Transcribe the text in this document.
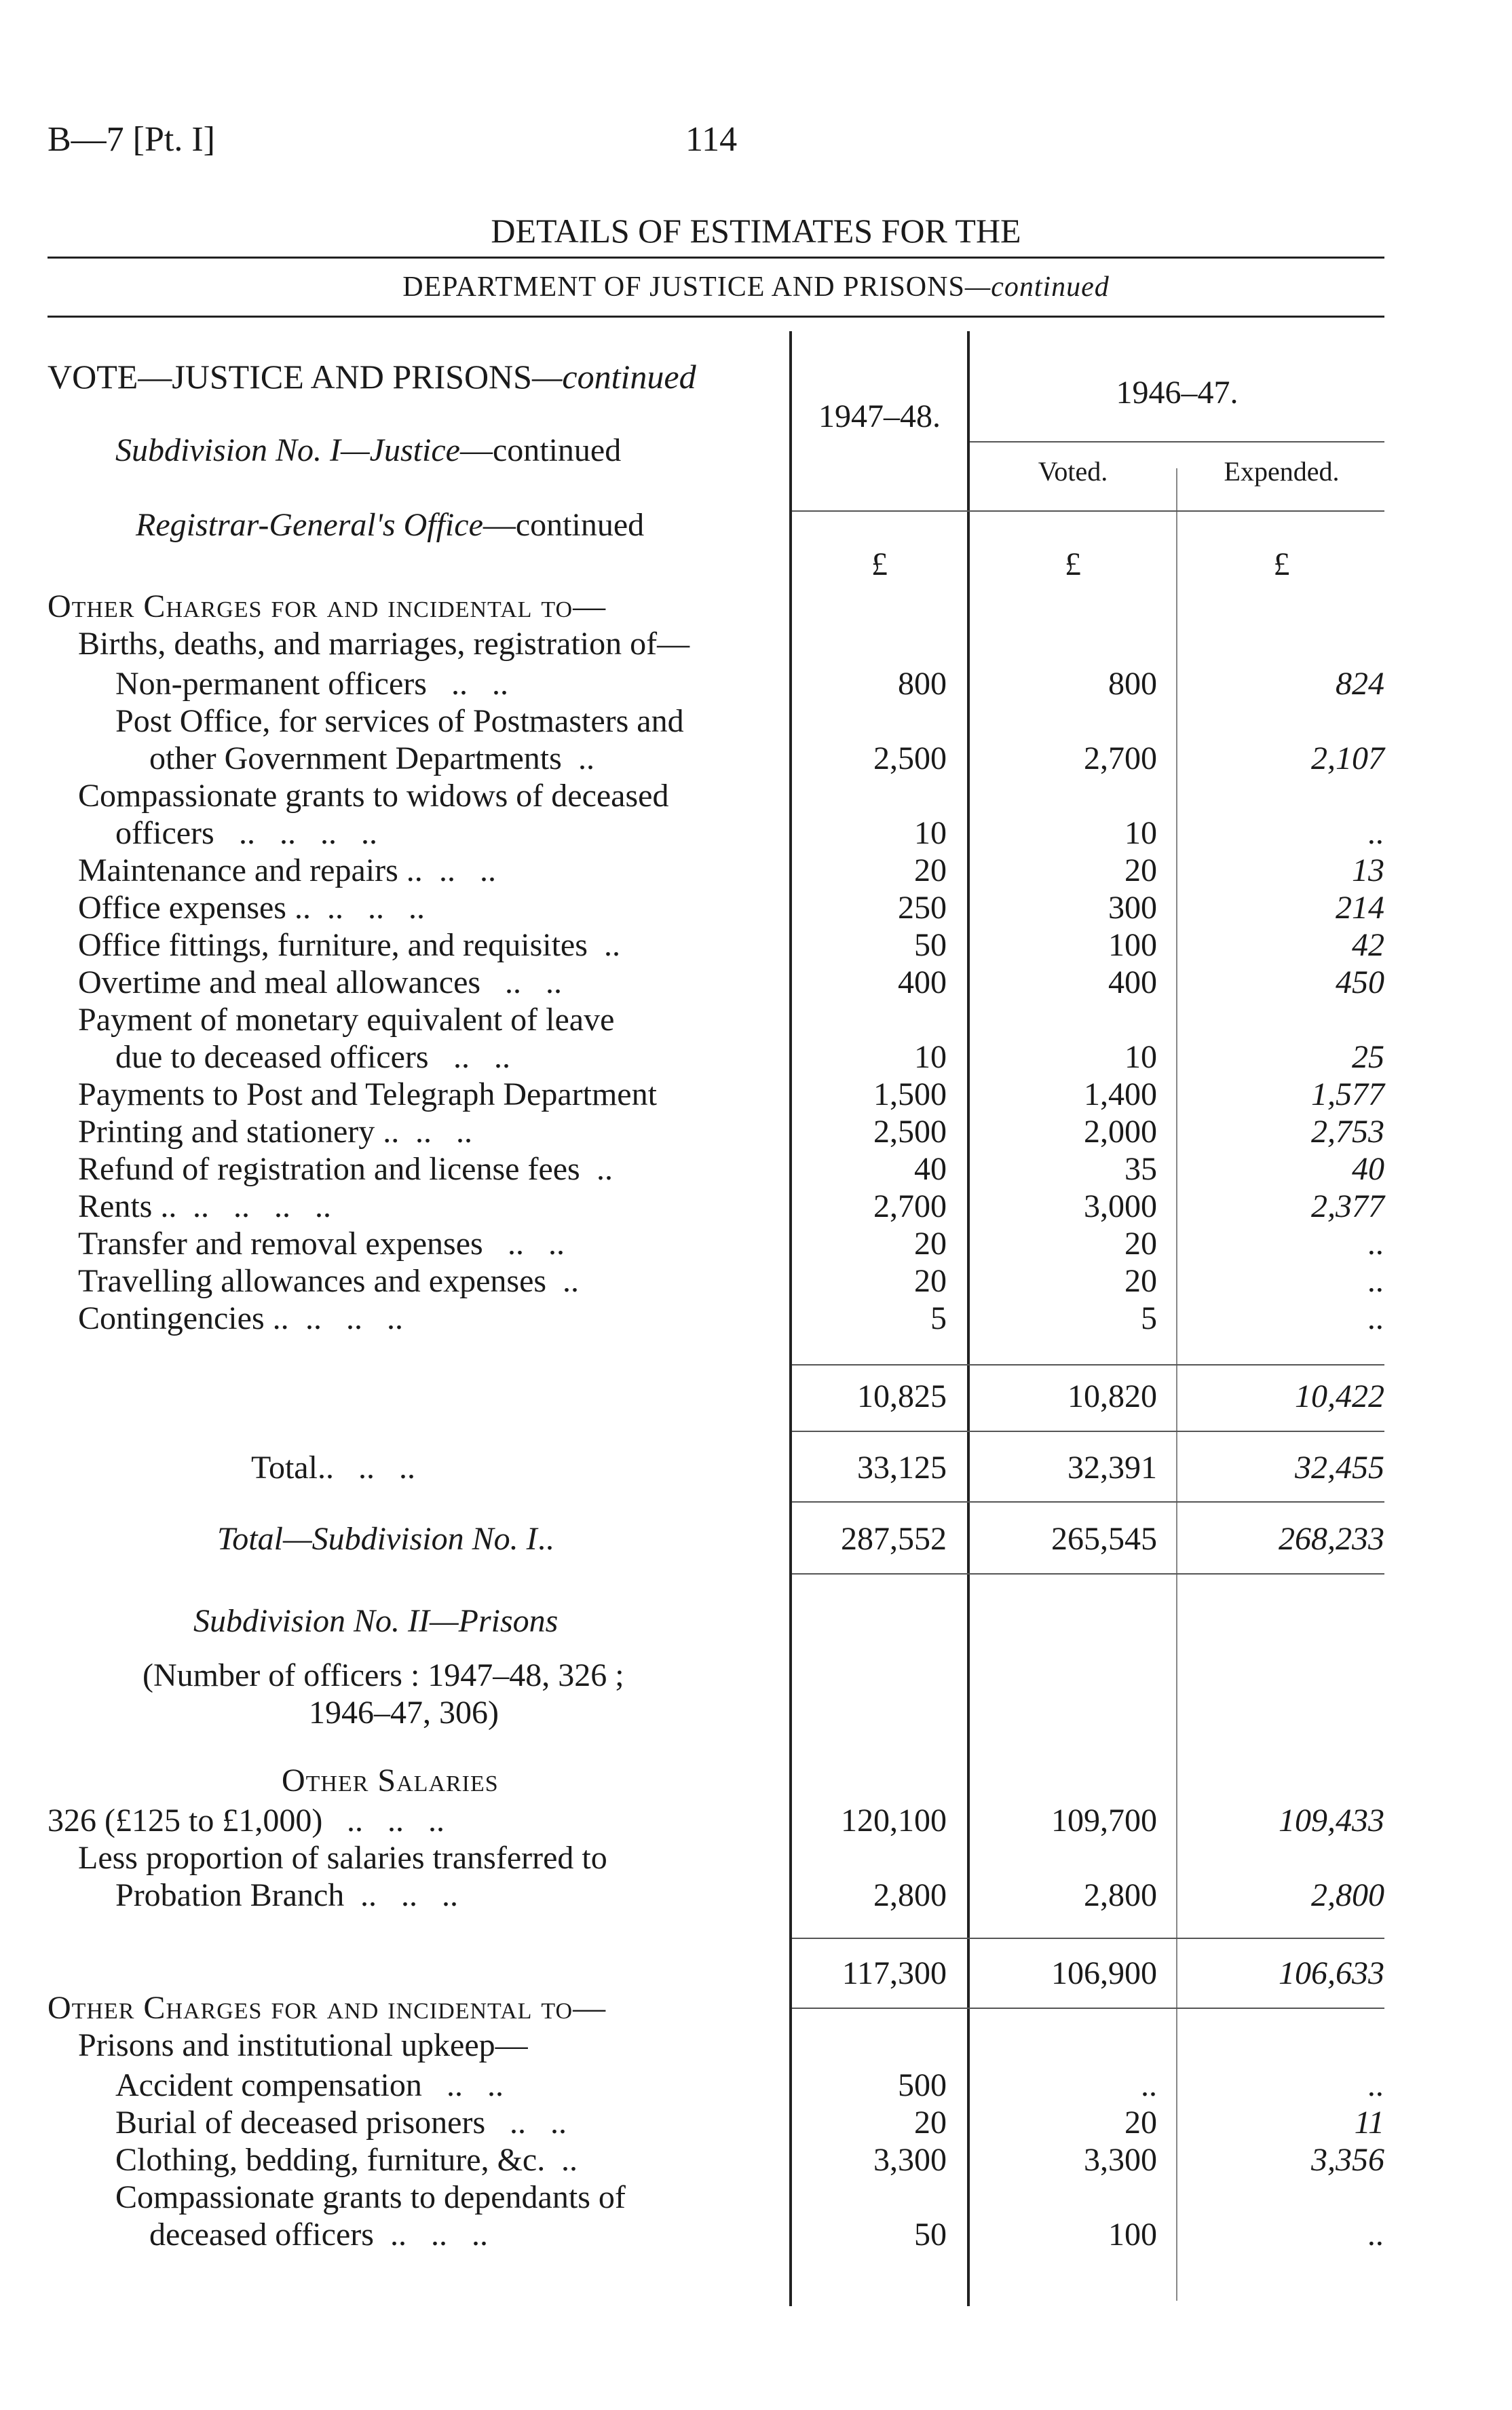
B—7 [Pt. I]	114
DETAILS OF ESTIMATES FOR THE
DEPARTMENT OF JUSTICE AND PRISONS—continued
1947–48.
1946–47.
Voted.	Expended.
£	£	£
VOTE—JUSTICE AND PRISONS—continued
Subdivision No. I—Justice—continued
Registrar-General's Office—continued
Other Charges for and incidental to—
Births, deaths, and marriages, registration of—
Non-permanent officers ..   ..	800	800	824
Post Office, for services of Postmasters and
other Government Departments ..	2,500	2,700	2,107
Compassionate grants to widows of deceased
officers ..   ..   ..   ..	10	10	..
Maintenance and repairs .. ..   ..	20	20	13
Office expenses .. ..   ..   ..	250	300	214
Office fittings, furniture, and requisites ..	50	100	42
Overtime and meal allowances ..   ..	400	400	450
Payment of monetary equivalent of leave
due to deceased officers ..   ..	10	10	25
Payments to Post and Telegraph Department	1,500	1,400	1,577
Printing and stationery .. ..   ..	2,500	2,000	2,753
Refund of registration and license fees ..	40	35	40
Rents .. ..   ..   ..   ..	2,700	3,000	2,377
Transfer and removal expenses ..   ..	20	20	..
Travelling allowances and expenses ..	20	20	..
Contingencies .. ..   ..   ..	5	5	..
10,825	10,820	10,422
Total ..   ..   ..	33,125	32,391	32,455
Total—Subdivision No. I ..	287,552	265,545	268,233
Subdivision No. II—Prisons
(Number of officers : 1947–48, 326 ;
1946–47, 306)
Other Salaries
326 (£125 to £1,000) ..   ..   ..	120,100	109,700	109,433
Less proportion of salaries transferred to
Probation Branch ..   ..   ..	2,800	2,800	2,800
117,300	106,900	106,633
Other Charges for and incidental to—
Prisons and institutional upkeep—
Accident compensation ..   ..	500	..	..
Burial of deceased prisoners ..   ..	20	20	11
Clothing, bedding, furniture, &c. ..	3,300	3,300	3,356
Compassionate grants to dependants of
deceased officers ..   ..   ..	50	100	..
